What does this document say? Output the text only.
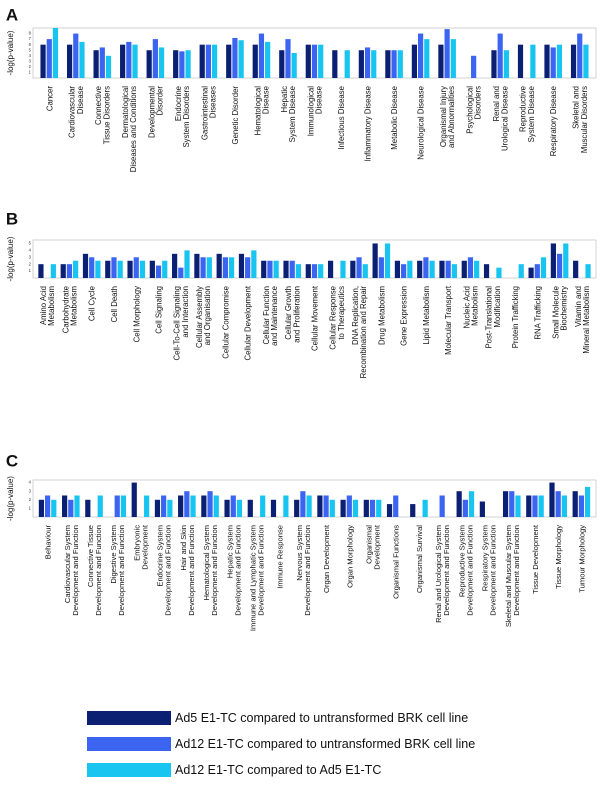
A
1
2
3
4
5
6
7
8
-log(p-value)
Cancer CardiovascularDisease ConnectiveTissue Disorders DermatologicalDiseases and Conditions DevelopmentalDisorder EndocrineSystem Disorders GastrointestinalDiseases Genetic Disorder HematologicalDisease HepaticSystem Disease ImmunologicalDisease Infectious Disease Inflammatory Disease Metabolic Disease Neurological Disease Organismal Injuryand Abnormalities PsychologicalDisorders Renal andUrological Disease ReproductiveSystem Disease Respiratory Disease Skeletal andMuscular Disorders
B
1
2
3
4
5
-log(p-value)
Amino AcidMetabolism CarbohydrateMetabolism Cell Cycle Cell Death Cell Morphology Cell Signaling Cell-To-Cell Signalingand Interaction Cellular Assemblyand Organisation Cellular Compromise Cellular Development Cellular Functionand Maintenance Cellular Growthand Proliferation Cellular Movement Cellular Responseto Therapeutics DNA Replication,Recombination and Repair Drug Metabolism Gene Expression Lipid Metabolism Molecular Transport Nucleic AcidMetabolism Post-TranslationalModification Protein Trafficking RNA Trafficking Small MoleculeBiochemistry Vitamin andMineral Metabolism
C
1
2
3
4
-log(p-value)
Behaviour Cardiovascular SystemDevelopment and Function Connective TissueDevelopment and Function Digestive SystemDevelopment and Function EmbryonicDevelopment Endocrine SystemDevelopment and Function Hair and SkinDevelopment and Function Hematological SystemDevelopment and Function Hepatic SystemDevelopment and Function Immune and Lymphatic SystemDevelopment and Function Immune Response Nervous SystemDevelopment and Function Organ Development Organ Morphology OrganismalDevelopment Organismal Functions Organismal Survival Renal and Urological SystemDevelopment and Function Reproductive SystemDevelopment and Function Respiratory SystemDevelopment and Function Skeletal and Muscular SystemDevelopment and Function Tissue Development Tissue Morphology Tumour Morphology
Ad5 E1-TC compared to untransformed BRK cell line
Ad12 E1-TC compared to untransformed BRK cell line
Ad12 E1-TC compared to Ad5 E1-TC
